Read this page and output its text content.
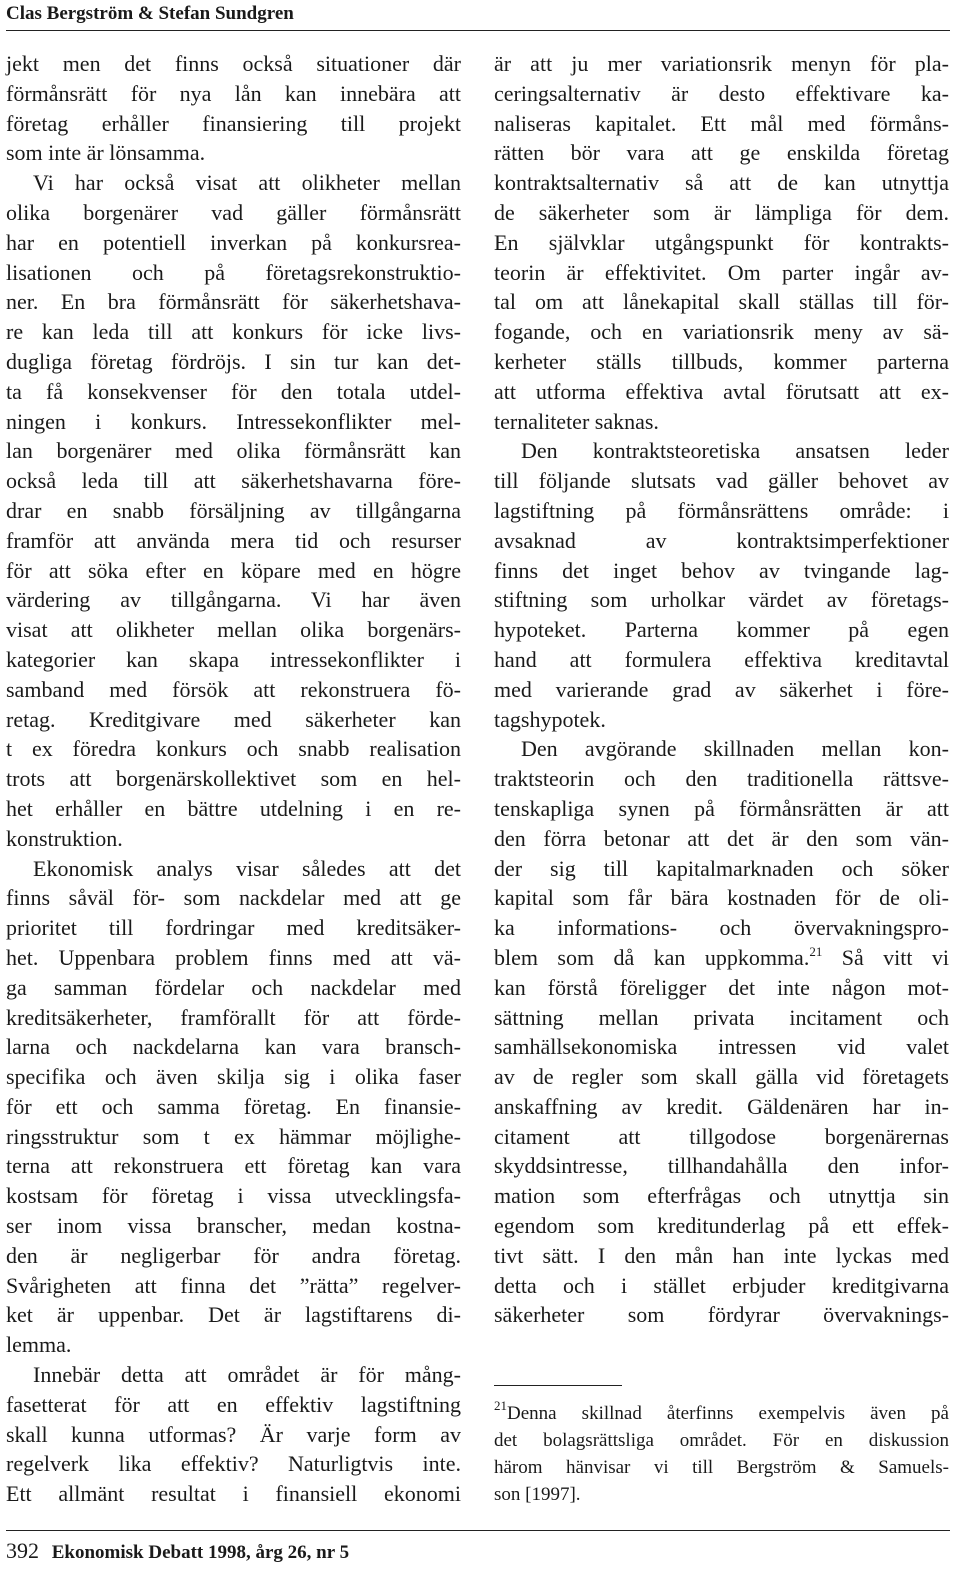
Clas Bergström & Stefan Sundgren
jekt men det finns också situationer där
förmånsrätt för nya lån kan innebära att
företag erhåller finansiering till projekt
som inte är lönsamma.
Vi har också visat att olikheter mellan
olika borgenärer vad gäller förmånsrätt
har en potentiell inverkan på konkursrea-
lisationen och på företagsrekonstruktio-
ner. En bra förmånsrätt för säkerhetshava-
re kan leda till att konkurs för icke livs-
dugliga företag fördröjs. I sin tur kan det-
ta få konsekvenser för den totala utdel-
ningen i konkurs. Intressekonflikter mel-
lan borgenärer med olika förmånsrätt kan
också leda till att säkerhetshavarna före-
drar en snabb försäljning av tillgångarna
framför att använda mera tid och resurser
för att söka efter en köpare med en högre
värdering av tillgångarna. Vi har även
visat att olikheter mellan olika borgenärs-
kategorier kan skapa intressekonflikter i
samband med försök att rekonstruera fö-
retag. Kreditgivare med säkerheter kan
t ex föredra konkurs och snabb realisation
trots att borgenärskollektivet som en hel-
het erhåller en bättre utdelning i en re-
konstruktion.
Ekonomisk analys visar således att det
finns såväl för- som nackdelar med att ge
prioritet till fordringar med kreditsäker-
het. Uppenbara problem finns med att vä-
ga samman fördelar och nackdelar med
kreditsäkerheter, framförallt för att förde-
larna och nackdelarna kan vara bransch-
specifika och även skilja sig i olika faser
för ett och samma företag. En finansie-
ringsstruktur som t ex hämmar möjlighe-
terna att rekonstruera ett företag kan vara
kostsam för företag i vissa utvecklingsfa-
ser inom vissa branscher, medan kostna-
den är negligerbar för andra företag.
Svårigheten att finna det ”rätta” regelver-
ket är uppenbar. Det är lagstiftarens di-
lemma.
Innebär detta att området är för mång-
fasetterat för att en effektiv lagstiftning
skall kunna utformas? Är varje form av
regelverk lika effektiv? Naturligtvis inte.
Ett allmänt resultat i finansiell ekonomi
är att ju mer variationsrik menyn för pla-
ceringsalternativ är desto effektivare ka-
naliseras kapitalet. Ett mål med förmåns-
rätten bör vara att ge enskilda företag
kontraktsalternativ så att de kan utnyttja
de säkerheter som är lämpliga för dem.
En självklar utgångspunkt för kontrakts-
teorin är effektivitet. Om parter ingår av-
tal om att lånekapital skall ställas till för-
fogande, och en variationsrik meny av sä-
kerheter ställs tillbuds, kommer parterna
att utforma effektiva avtal förutsatt att ex-
ternaliteter saknas.
Den kontraktsteoretiska ansatsen leder
till följande slutsats vad gäller behovet av
lagstiftning på förmånsrättens område: i
avsaknad av kontraktsimperfektioner
finns det inget behov av tvingande lag-
stiftning som urholkar värdet av företags-
hypoteket. Parterna kommer på egen
hand att formulera effektiva kreditavtal
med varierande grad av säkerhet i före-
tagshypotek.
Den avgörande skillnaden mellan kon-
traktsteorin och den traditionella rättsve-
tenskapliga synen på förmånsrätten är att
den förra betonar att det är den som vän-
der sig till kapitalmarknaden och söker
kapital som får bära kostnaden för de oli-
ka informations- och övervakningspro-
blem som då kan uppkomma.$^{21}$ Så vitt vi
kan förstå föreligger det inte någon mot-
sättning mellan privata incitament och
samhällsekonomiska intressen vid valet
av de regler som skall gälla vid företagets
anskaffning av kredit. Gäldenären har in-
citament att tillgodose borgenärernas
skyddsintresse, tillhandahålla den infor-
mation som efterfrågas och utnyttja sin
egendom som kreditunderlag på ett effek-
tivt sätt. I den mån han inte lyckas med
detta och i stället erbjuder kreditgivarna
säkerheter som fördyrar övervaknings-
$^{21}$Denna skillnad återfinns exempelvis även på
det bolagsrättsliga området. För en diskussion
härom hänvisar vi till Bergström & Samuels-
son [1997].
392 Ekonomisk Debatt 1998, årg 26, nr 5
